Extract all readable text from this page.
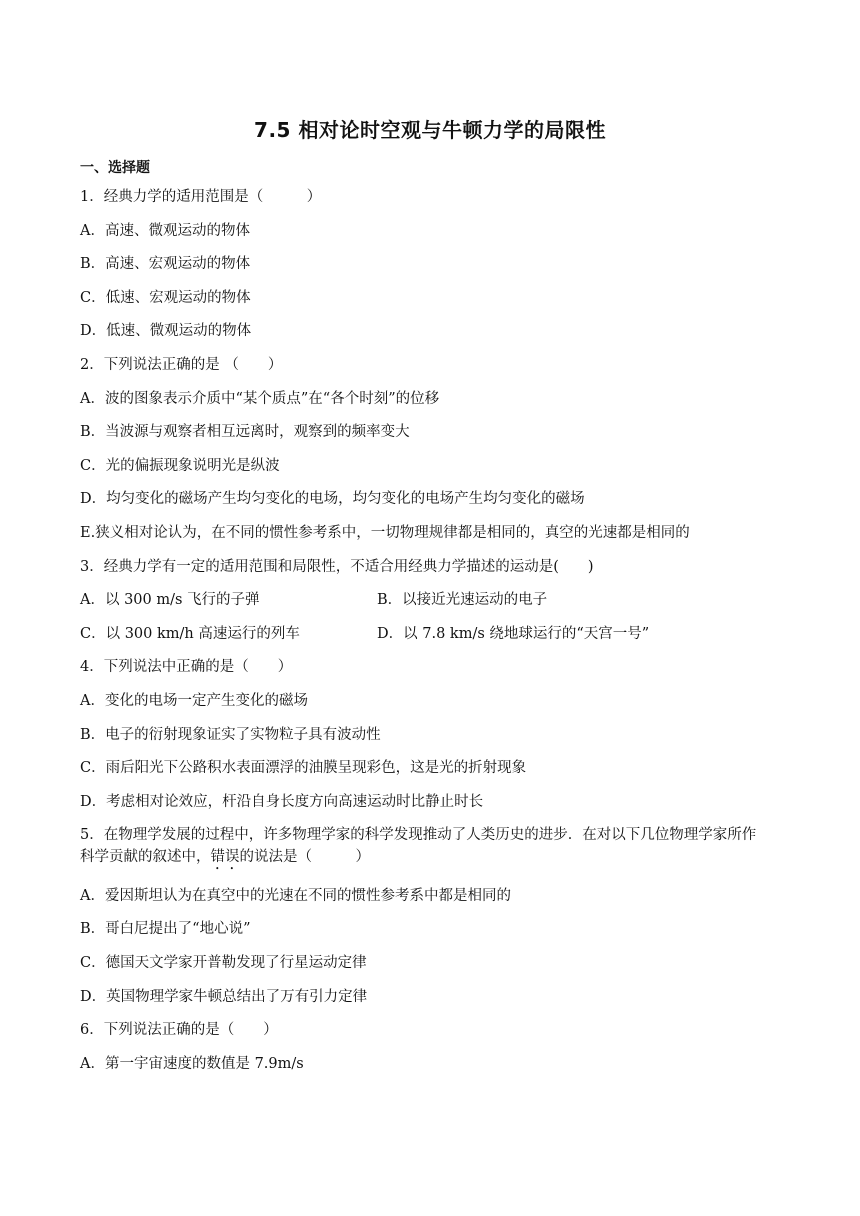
7.5 相对论时空观与牛顿力学的局限性
一、选择题
1．经典力学的适用范围是（　　　）
A．高速、微观运动的物体
B．高速、宏观运动的物体
C．低速、宏观运动的物体
D．低速、微观运动的物体
2．下列说法正确的是 （　　）
A．波的图象表示介质中“某个质点”在“各个时刻”的位移
B．当波源与观察者相互远离时，观察到的频率变大
C．光的偏振现象说明光是纵波
D．均匀变化的磁场产生均匀变化的电场，均匀变化的电场产生均匀变化的磁场
E.狭义相对论认为，在不同的惯性参考系中，一切物理规律都是相同的，真空的光速都是相同的
3．经典力学有一定的适用范围和局限性，不适合用经典力学描述的运动是(　　)
A．以 300 m/s 飞行的子弹	B．以接近光速运动的电子
C．以 300 km/h 高速运行的列车	D．以 7.8 km/s 绕地球运行的“天宫一号”
4．下列说法中正确的是（　　）
A．变化的电场一定产生变化的磁场
B．电子的衍射现象证实了实物粒子具有波动性
C．雨后阳光下公路积水表面漂浮的油膜呈现彩色，这是光的折射现象
D．考虑相对论效应，杆沿自身长度方向高速运动时比静止时长
5．在物理学发展的过程中，许多物理学家的科学发现推动了人类历史的进步．在对以下几位物理学家所作
科学贡献的叙述中，错误的说法是（　　　）
A．爱因斯坦认为在真空中的光速在不同的惯性参考系中都是相同的
B．哥白尼提出了“地心说”
C．德国天文学家开普勒发现了行星运动定律
D．英国物理学家牛顿总结出了万有引力定律
6．下列说法正确的是（　　）
A．第一宇宙速度的数值是 7.9m/s
